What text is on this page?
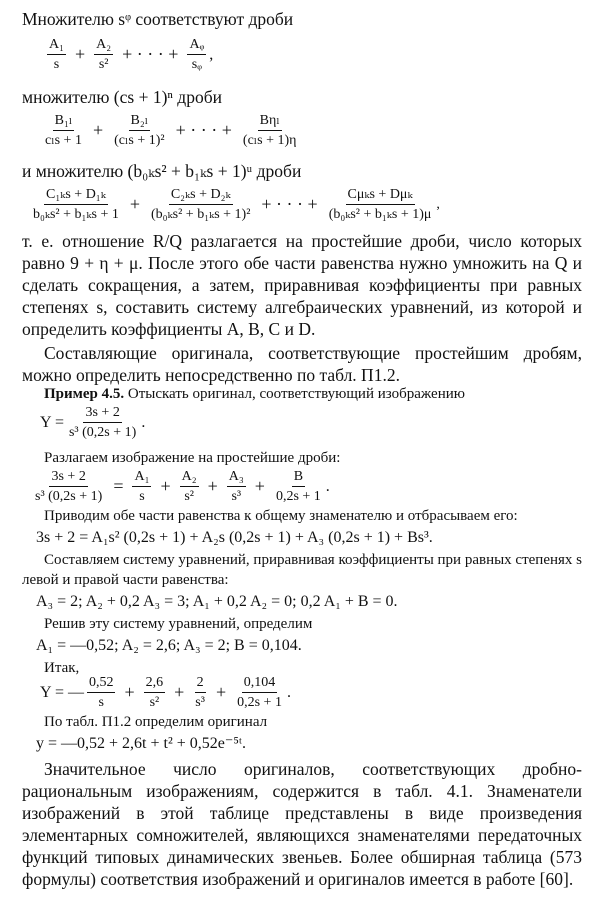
Множителю sᵠ соответствуют дроби
$\frac{\text{A₁}}{s} + \frac{\text{A₂}}{\text{s²}}$ + · · · + $\frac{\text{Aᵩ}}{\text{sᵩ}}$ ,
множителю (cs + 1)ⁿ дроби
$\frac{\text{B₁ₗ}}{\text{cₗs + 1}} + \frac{\text{B₂ₗ}}{\text{(cₗs + 1)²}}$ + · · · + $\frac{\text{Bηₗ}}{\text{(cₗs + 1)η}}$
и множителю (b₀ₖs² + b₁ₖs + 1)ᵘ дроби
$\frac{\text{C₁ₖs + D₁ₖ}}{\text{b₀ₖs² + b₁ₖs + 1}} + \frac{\text{C₂ₖs + D₂ₖ}}{\text{(b₀ₖs² + b₁ₖs + 1)²}}$ + · · · + $\frac{\text{Cμₖs + Dμₖ}}{\text{(b₀ₖs² + b₁ₖs + 1)μ}}$ ,
т. е. отношение R/Q разлагается на простейшие дроби, число которых равно 9 + η + μ. После этого обе части равенства нужно умножить на Q и сделать сокращения, а затем, приравнивая коэффициенты при равных степенях s, составить систему алгебраических уравнений, из которой и определить коэффициенты A, B, C и D.
Составляющие оригинала, соответствующие простейшим дробям, можно определить непосредственно по табл. П1.2.
Пример 4.5. Отыскать оригинал, соответствующий изображению
$Y = \frac{3s + 2}{\text{s³ (0,2s + 1)}}$ .
Разлагаем изображение на простейшие дроби:
$\frac{3s + 2}{\text{s³ (0,2s + 1)}} = \frac{\text{A₁}}{s} + \frac{\text{A₂}}{\text{s²}} + \frac{\text{A₃}}{\text{s³}} + \frac{B}{0,2s + 1}$ .
Приводим обе части равенства к общему знаменателю и отбрасываем его:
3s + 2 = A₁s² (0,2s + 1) + A₂s (0,2s + 1) + A₃ (0,2s + 1) + Bs³.
Составляем систему уравнений, приравнивая коэффициенты при равных степенях s левой и правой части равенства:
A₃ = 2; A₂ + 0,2 A₃ = 3; A₁ + 0,2 A₂ = 0; 0,2 A₁ + B = 0.
Решив эту систему уравнений, определим
A₁ = —0,52; A₂ = 2,6; A₃ = 2; B = 0,104.
Итак,
Y = — $\frac{0,52}{s} + \frac{2,6}{\text{s²}} + \frac{2}{\text{s³}} + \frac{0,104}{0,2s + 1}$ .
По табл. П1.2 определим оригинал
y = —0,52 + 2,6t + t² + 0,52e⁻⁵ᵗ.
Значительное число оригиналов, соответствующих дробно-рациональным изображениям, содержится в табл. 4.1. Знаменатели изображений в этой таблице представлены в виде произведения элементарных сомножителей, являющихся знаменателями передаточных функций типовых динамических звеньев. Более обширная таблица (573 формулы) соответствия изображений и оригиналов имеется в работе [60].
